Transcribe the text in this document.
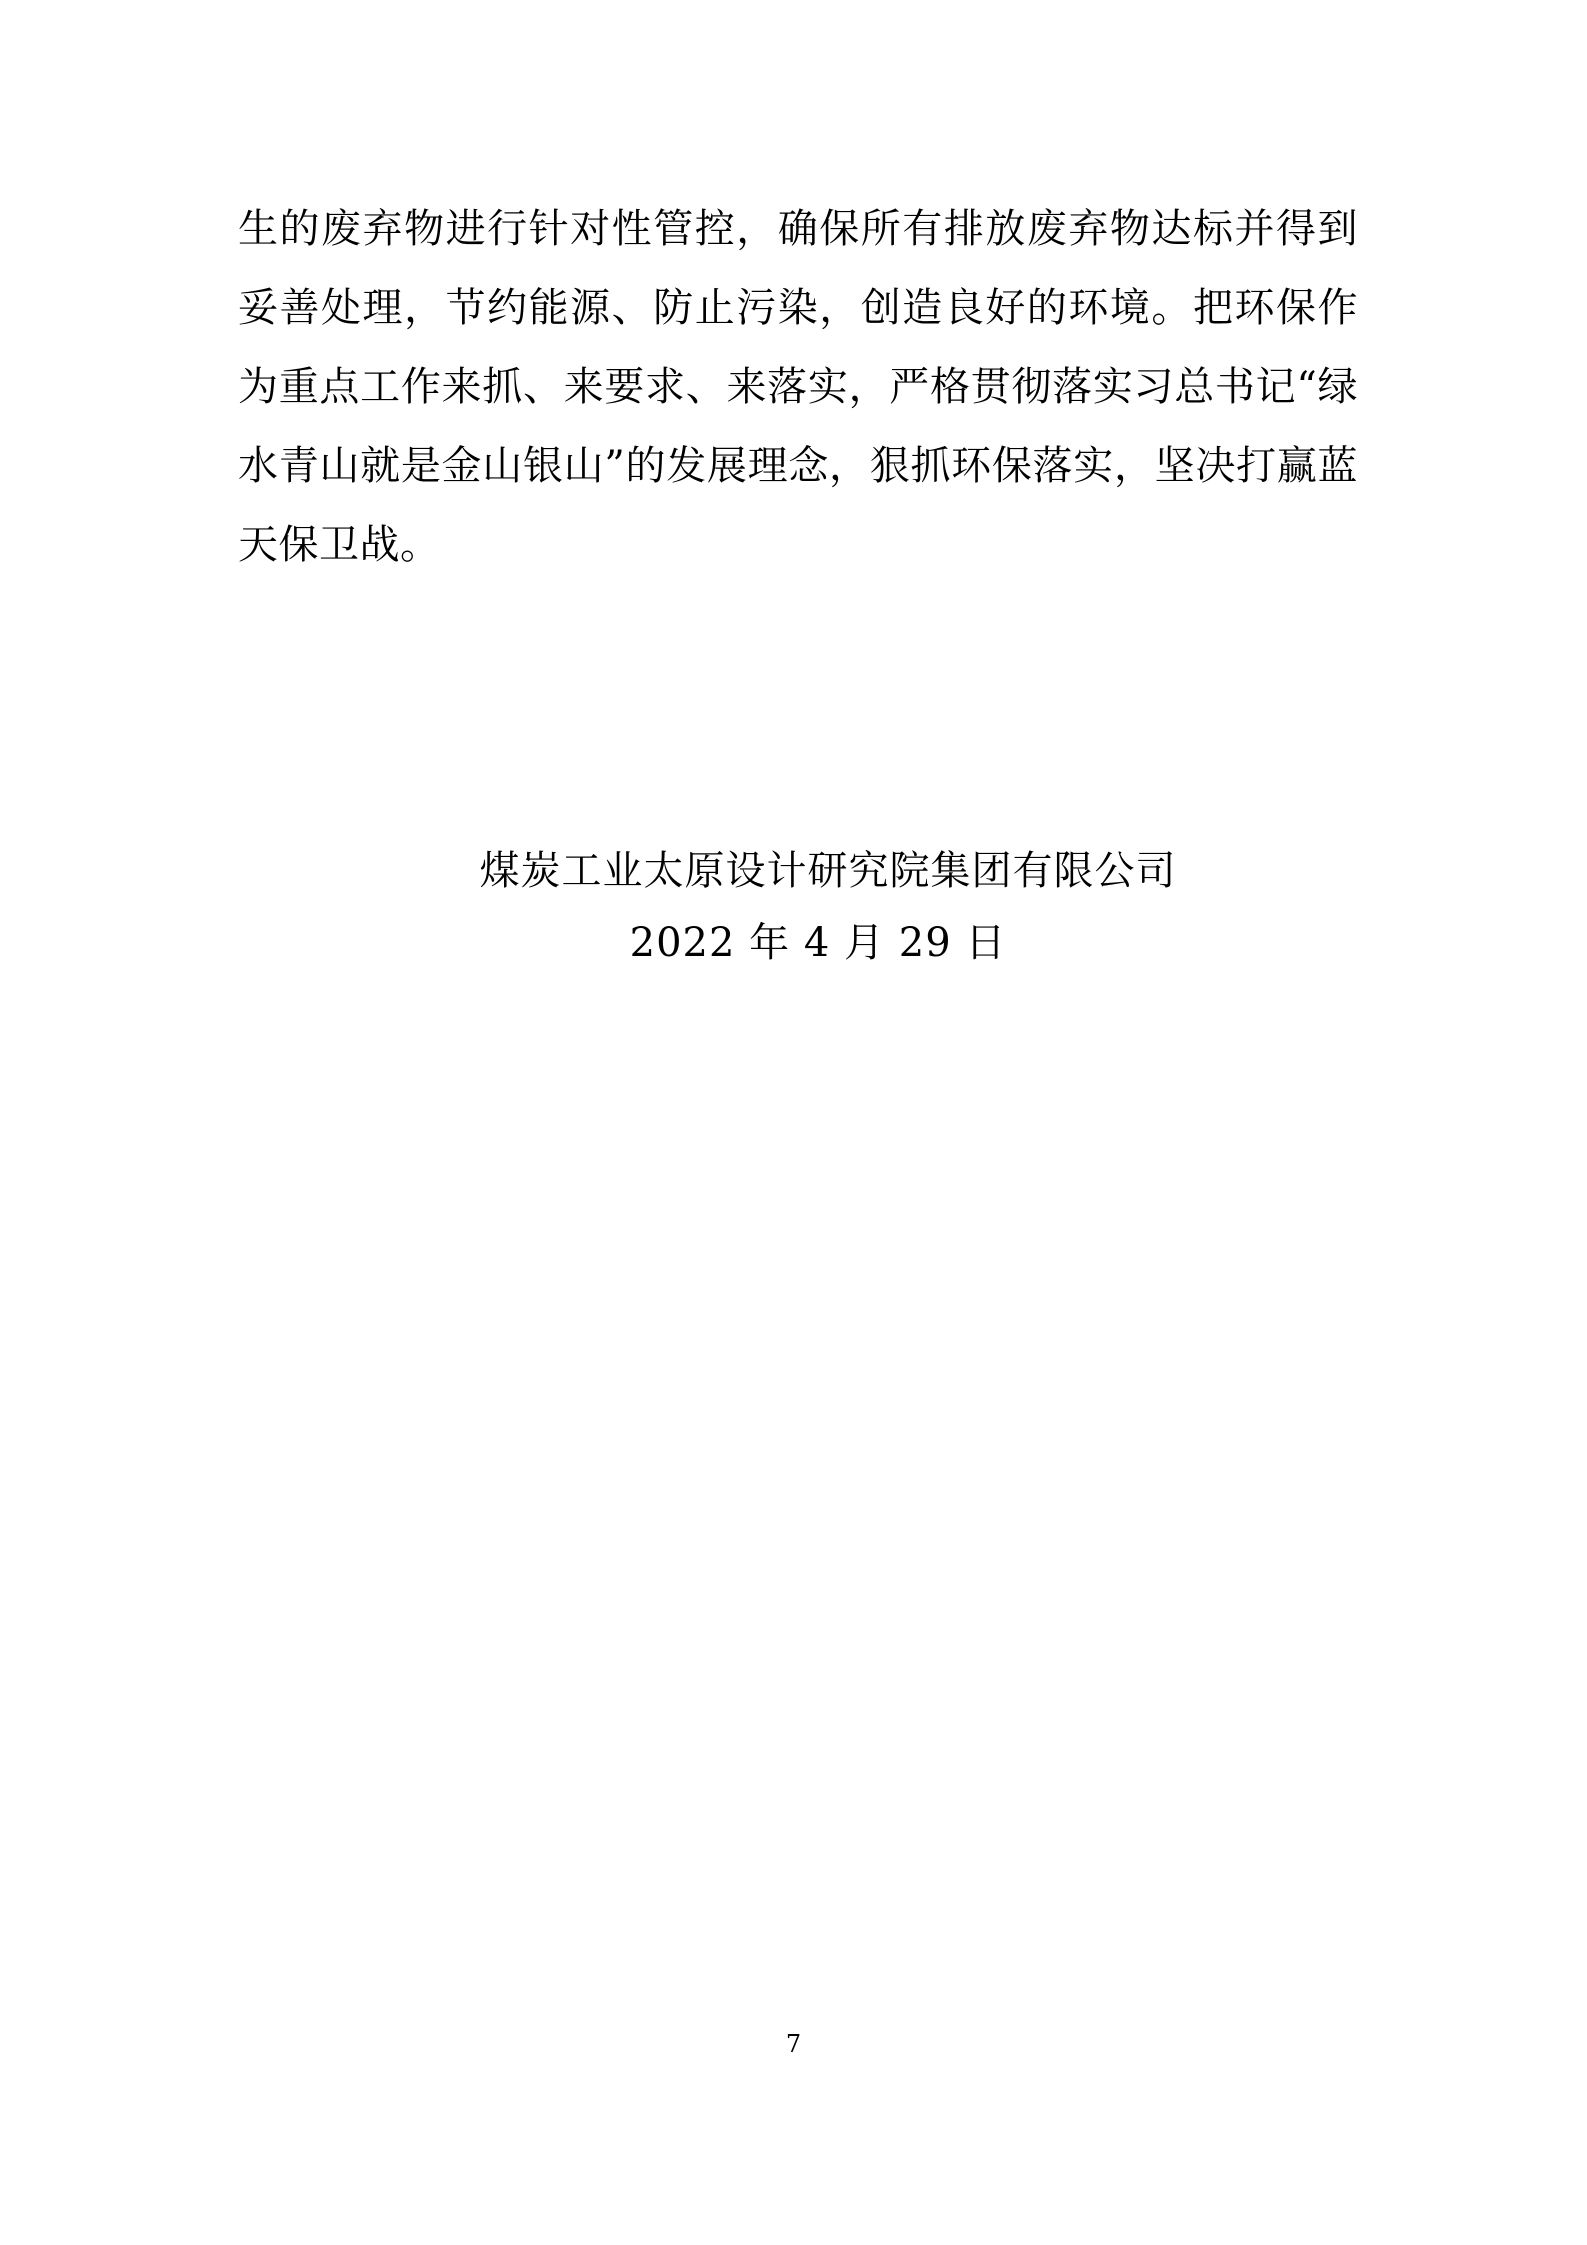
生的废弃物进行针对性管控，确保所有排放废弃物达标并得到妥善处理，节约能源、防止污染，创造良好的环境。把环保作为重点工作来抓、来要求、来落实，严格贯彻落实习总书记“绿水青山就是金山银山”的发展理念，狠抓环保落实，坚决打赢蓝天保卫战。

煤炭工业太原设计研究院集团有限公司
2022 年 4 月 29 日
7
